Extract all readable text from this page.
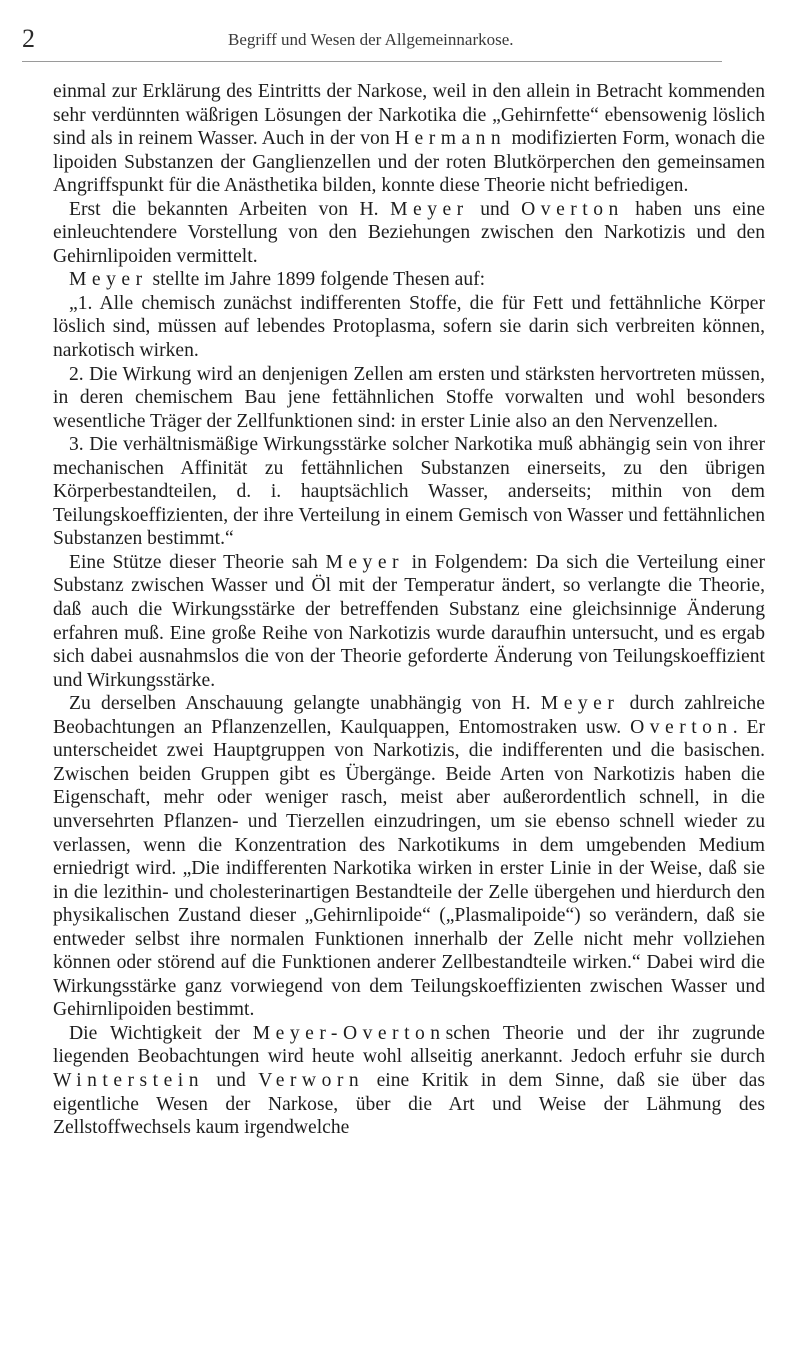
2	Begriff und Wesen der Allgemeinnarkose.

einmal zur Erklärung des Eintritts der Narkose, weil in den allein in Betracht kommenden sehr verdünnten wäßrigen Lösungen der Narkotika die „Gehirnfette“ ebensowenig löslich sind als in reinem Wasser. Auch in der von Hermann modifizierten Form, wonach die lipoiden Substanzen der Ganglienzellen und der roten Blutkörperchen den gemeinsamen Angriffspunkt für die Anästhetika bilden, konnte diese Theorie nicht befriedigen.

Erst die bekannten Arbeiten von H. Meyer und Overton haben uns eine einleuchtendere Vorstellung von den Beziehungen zwischen den Narkotizis und den Gehirnlipoiden vermittelt.

Meyer stellte im Jahre 1899 folgende Thesen auf:

„1. Alle chemisch zunächst indifferenten Stoffe, die für Fett und fettähnliche Körper löslich sind, müssen auf lebendes Protoplasma, sofern sie darin sich verbreiten können, narkotisch wirken.

2. Die Wirkung wird an denjenigen Zellen am ersten und stärksten hervortreten müssen, in deren chemischem Bau jene fettähnlichen Stoffe vorwalten und wohl besonders wesentliche Träger der Zellfunktionen sind: in erster Linie also an den Nervenzellen.

3. Die verhältnismäßige Wirkungsstärke solcher Narkotika muß abhängig sein von ihrer mechanischen Affinität zu fettähnlichen Substanzen einerseits, zu den übrigen Körperbestandteilen, d. i. hauptsächlich Wasser, anderseits; mithin von dem Teilungskoeffizienten, der ihre Verteilung in einem Gemisch von Wasser und fettähnlichen Substanzen bestimmt.“

Eine Stütze dieser Theorie sah Meyer in Folgendem: Da sich die Verteilung einer Substanz zwischen Wasser und Öl mit der Temperatur ändert, so verlangte die Theorie, daß auch die Wirkungsstärke der betreffenden Substanz eine gleichsinnige Änderung erfahren muß. Eine große Reihe von Narkotizis wurde daraufhin untersucht, und es ergab sich dabei ausnahmslos die von der Theorie geforderte Änderung von Teilungskoeffizient und Wirkungsstärke.

Zu derselben Anschauung gelangte unabhängig von H. Meyer durch zahlreiche Beobachtungen an Pflanzenzellen, Kaulquappen, Entomostraken usw. Overton. Er unterscheidet zwei Hauptgruppen von Narkotizis, die indifferenten und die basischen. Zwischen beiden Gruppen gibt es Übergänge. Beide Arten von Narkotizis haben die Eigenschaft, mehr oder weniger rasch, meist aber außerordentlich schnell, in die unversehrten Pflanzen- und Tierzellen einzudringen, um sie ebenso schnell wieder zu verlassen, wenn die Konzentration des Narkotikums in dem umgebenden Medium erniedrigt wird. „Die indifferenten Narkotika wirken in erster Linie in der Weise, daß sie in die lezithin- und cholesterinartigen Bestandteile der Zelle übergehen und hierdurch den physikalischen Zustand dieser „Gehirnlipoide“ („Plasmalipoide“) so verändern, daß sie entweder selbst ihre normalen Funktionen innerhalb der Zelle nicht mehr vollziehen können oder störend auf die Funktionen anderer Zellbestandteile wirken.“ Dabei wird die Wirkungsstärke ganz vorwiegend von dem Teilungskoeffizienten zwischen Wasser und Gehirnlipoiden bestimmt.

Die Wichtigkeit der Meyer-Overtonschen Theorie und der ihr zugrunde liegenden Beobachtungen wird heute wohl allseitig anerkannt. Jedoch erfuhr sie durch Winterstein und Verworn eine Kritik in dem Sinne, daß sie über das eigentliche Wesen der Narkose, über die Art und Weise der Lähmung des Zellstoffwechsels kaum irgendwelche
